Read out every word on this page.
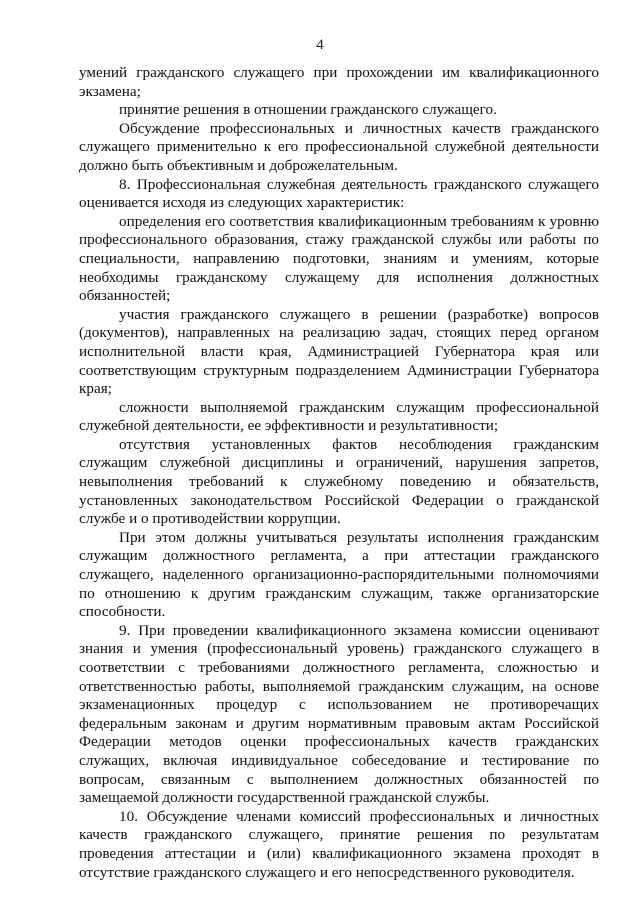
4

умений гражданского служащего при прохождении им квалификационного экзамена;

принятие решения в отношении гражданского служащего.

Обсуждение профессиональных и личностных качеств гражданского служащего применительно к его профессиональной служебной деятельности должно быть объективным и доброжелательным.

8. Профессиональная служебная деятельность гражданского служащего оценивается исходя из следующих характеристик:

определения его соответствия квалификационным требованиям к уровню профессионального образования, стажу гражданской службы или работы по специальности, направлению подготовки, знаниям и умениям, которые необходимы гражданскому служащему для исполнения должностных обязанностей;

участия гражданского служащего в решении (разработке) вопросов (документов), направленных на реализацию задач, стоящих перед органом исполнительной власти края, Администрацией Губернатора края или соответствующим структурным подразделением Администрации Губернатора края;

сложности выполняемой гражданским служащим профессиональной служебной деятельности, ее эффективности и результативности;

отсутствия установленных фактов несоблюдения гражданским служащим служебной дисциплины и ограничений, нарушения запретов, невыполнения требований к служебному поведению и обязательств, установленных законодательством Российской Федерации о гражданской службе и о противодействии коррупции.

При этом должны учитываться результаты исполнения гражданским служащим должностного регламента, а при аттестации гражданского служащего, наделенного организационно-распорядительными полномочиями по отношению к другим гражданским служащим, также организаторские способности.

9. При проведении квалификационного экзамена комиссии оценивают знания и умения (профессиональный уровень) гражданского служащего в соответствии с требованиями должностного регламента, сложностью и ответственностью работы, выполняемой гражданским служащим, на основе экзаменационных процедур с использованием не противоречащих федеральным законам и другим нормативным правовым актам Российской Федерации методов оценки профессиональных качеств гражданских служащих, включая индивидуальное собеседование и тестирование по вопросам, связанным с выполнением должностных обязанностей по замещаемой должности государственной гражданской службы.

10. Обсуждение членами комиссий профессиональных и личностных качеств гражданского служащего, принятие решения по результатам проведения аттестации и (или) квалификационного экзамена проходят в отсутствие гражданского служащего и его непосредственного руководителя.
